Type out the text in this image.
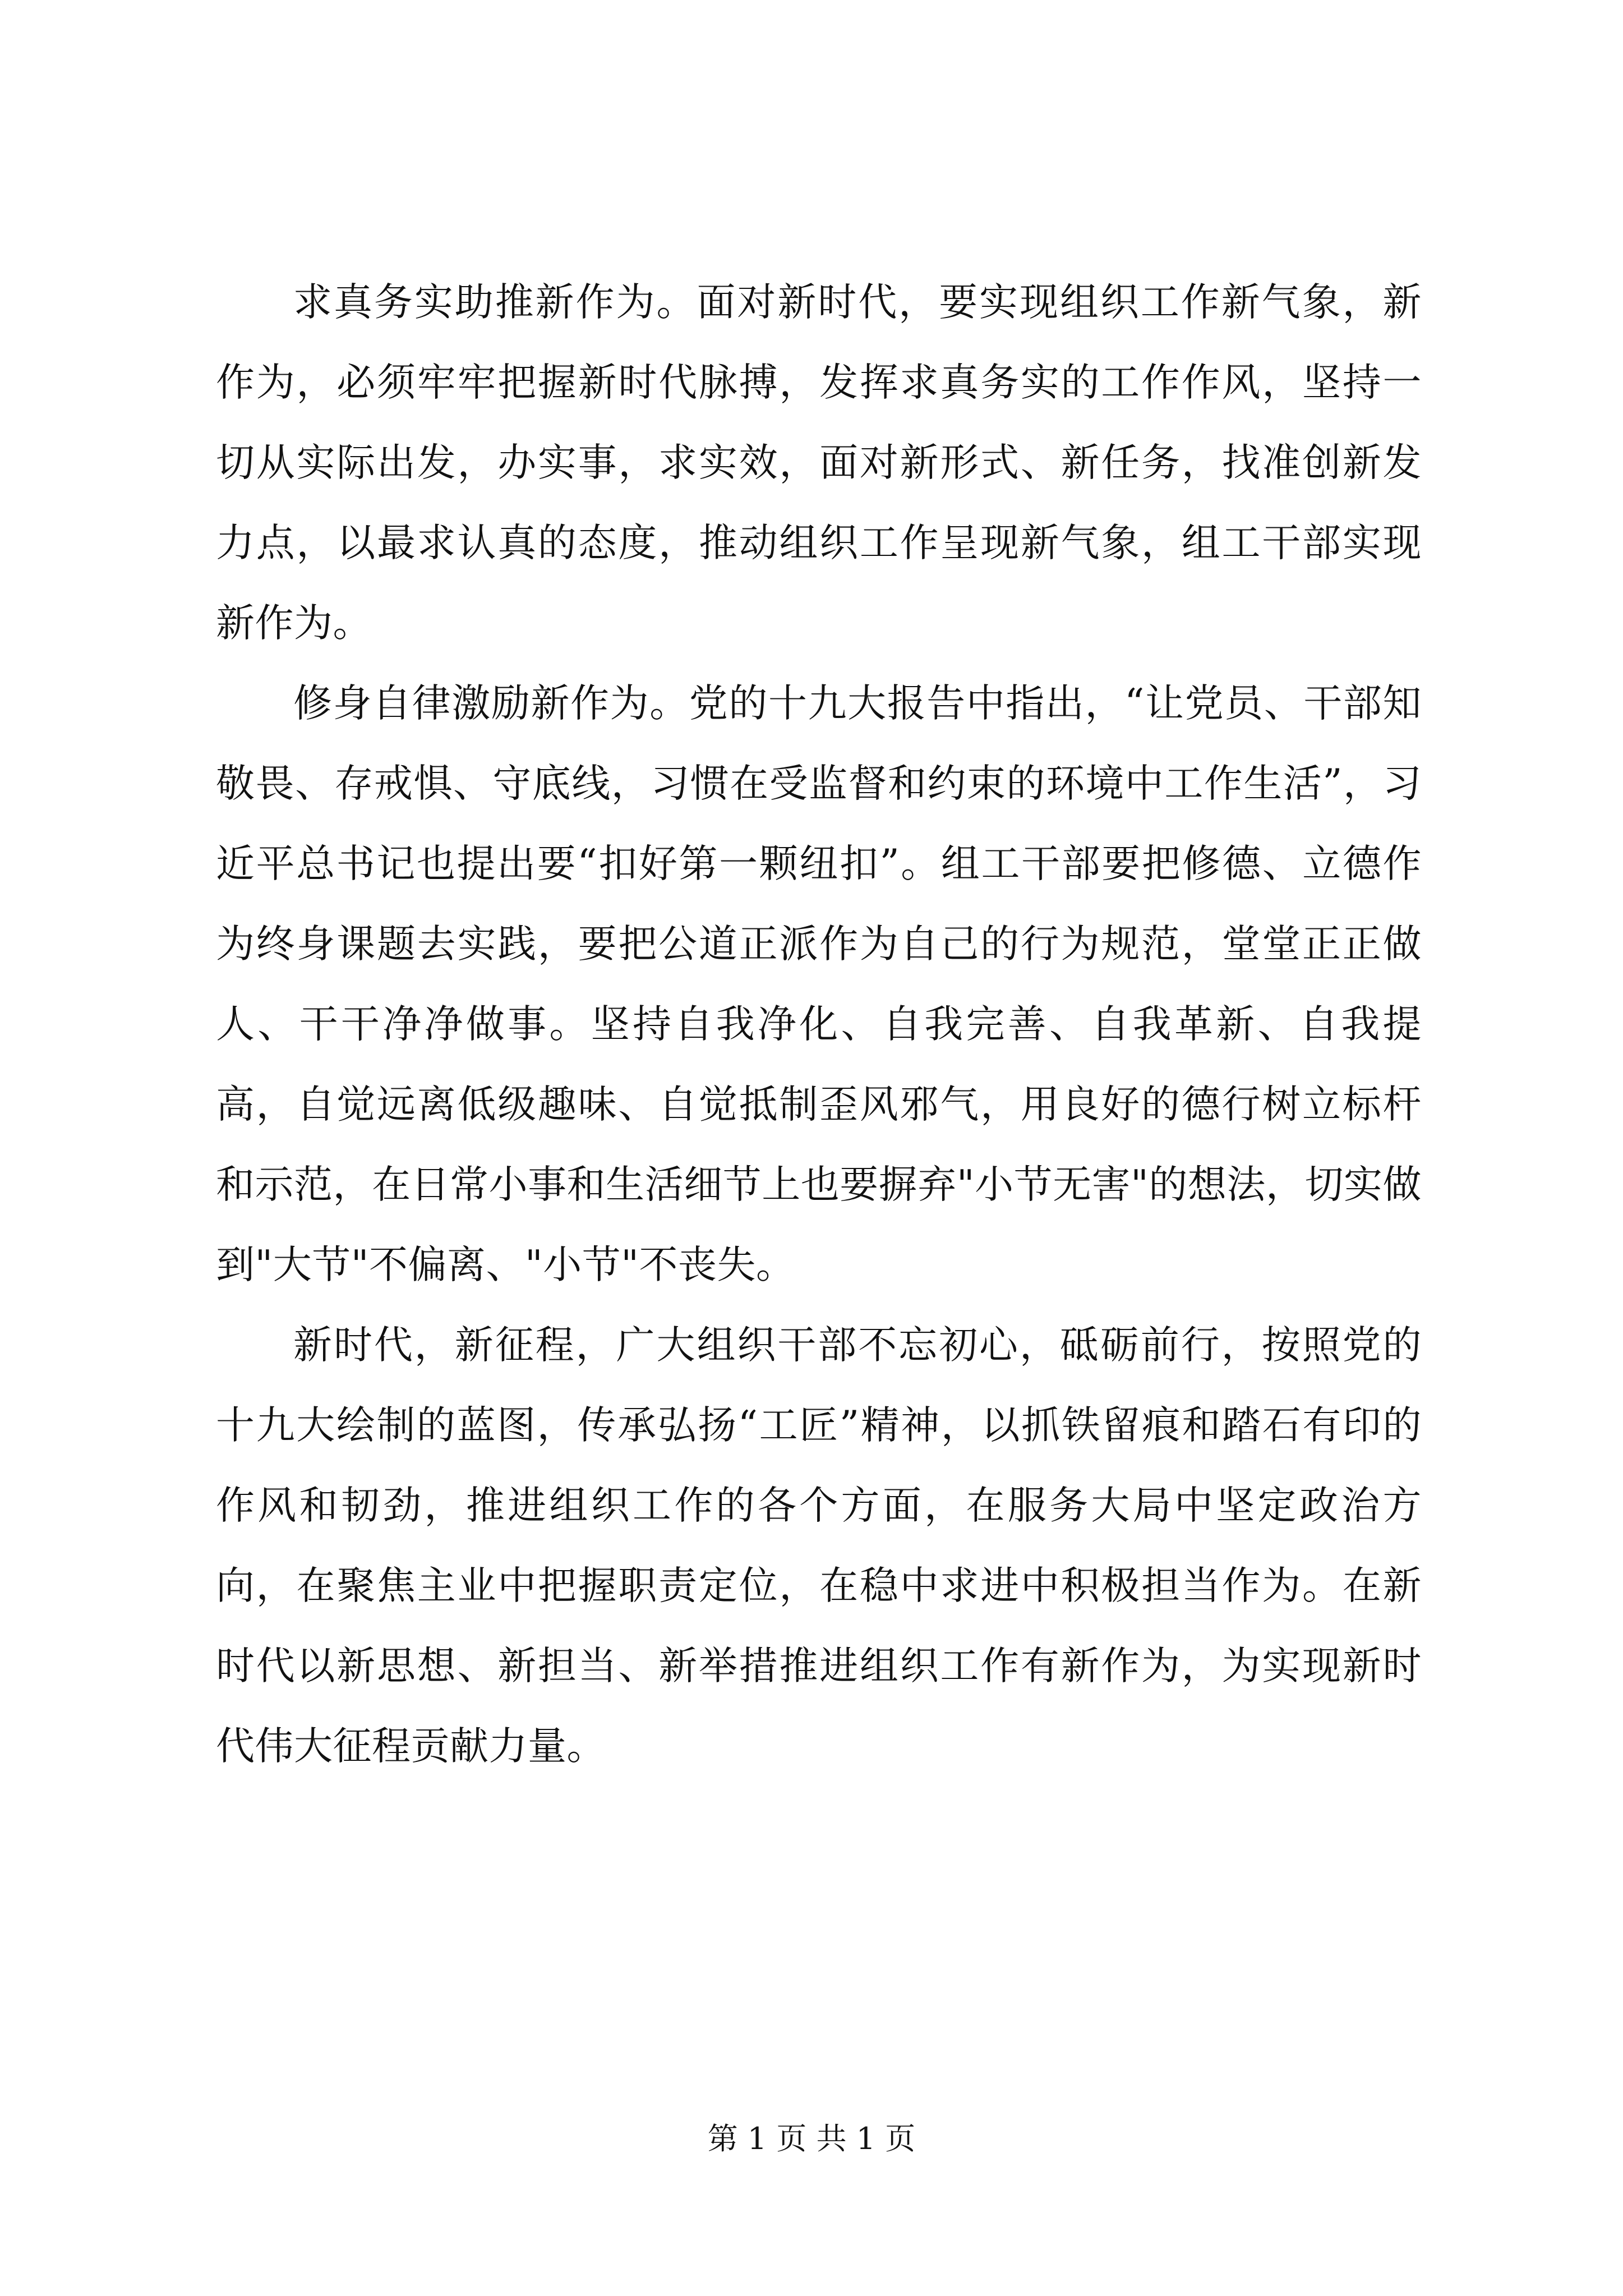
求真务实助推新作为。面对新时代，要实现组织工作新气象，新作为，必须牢牢把握新时代脉搏，发挥求真务实的工作作风，坚持一切从实际出发，办实事，求实效，面对新形式、新任务，找准创新发力点，以最求认真的态度，推动组织工作呈现新气象，组工干部实现新作为。

修身自律激励新作为。党的十九大报告中指出，“让党员、干部知敬畏、存戒惧、守底线，习惯在受监督和约束的环境中工作生活”，习近平总书记也提出要“扣好第一颗纽扣”。组工干部要把修德、立德作为终身课题去实践，要把公道正派作为自己的行为规范，堂堂正正做人、干干净净做事。坚持自我净化、自我完善、自我革新、自我提高，自觉远离低级趣味、自觉抵制歪风邪气，用良好的德行树立标杆和示范，在日常小事和生活细节上也要摒弃"小节无害"的想法，切实做到"大节"不偏离、"小节"不丧失。

新时代，新征程，广大组织干部不忘初心，砥砺前行，按照党的十九大绘制的蓝图，传承弘扬“工匠”精神，以抓铁留痕和踏石有印的作风和韧劲，推进组织工作的各个方面，在服务大局中坚定政治方向，在聚焦主业中把握职责定位，在稳中求进中积极担当作为。在新时代以新思想、新担当、新举措推进组织工作有新作为，为实现新时代伟大征程贡献力量。

第 1 页 共 1 页
